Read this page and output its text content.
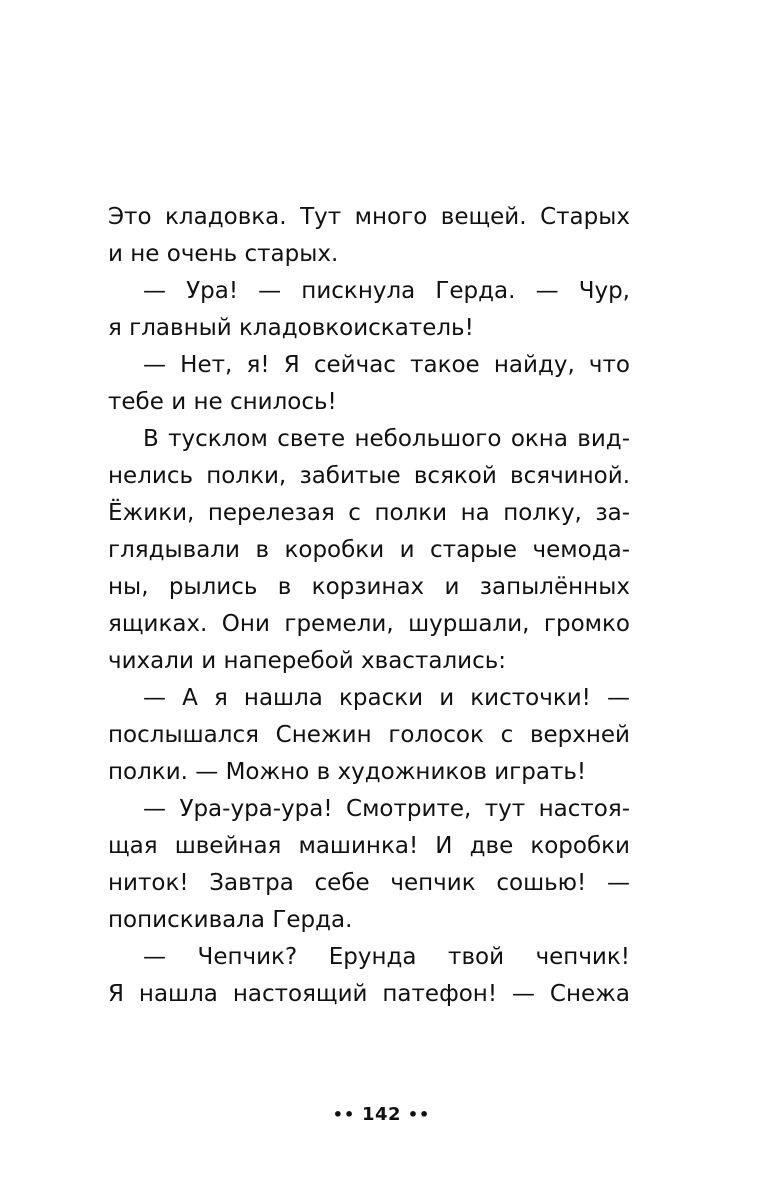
Это кладовка. Тут много вещей. Старых
и не очень старых.
— Ура! — пискнула Герда. — Чур,
я главный кладовкоискатель!
— Нет, я! Я сейчас такое найду, что
тебе и не снилось!
В тусклом свете небольшого окна вид-
нелись полки, забитые всякой всячиной.
Ёжики, перелезая с полки на полку, за-
глядывали в коробки и старые чемода-
ны, рылись в корзинах и запылённых
ящиках. Они гремели, шуршали, громко
чихали и наперебой хвастались:
— А я нашла краски и кисточки! —
послышался Снежин голосок с верхней
полки. — Можно в художников играть!
— Ура-ура-ура! Смотрите, тут настоя-
щая швейная машинка! И две коробки
ниток! Завтра себе чепчик сошью! —
попискивала Герда.
— Чепчик? Ерунда твой чепчик!
Я нашла настоящий патефон! — Снежа
•• 142 ••
